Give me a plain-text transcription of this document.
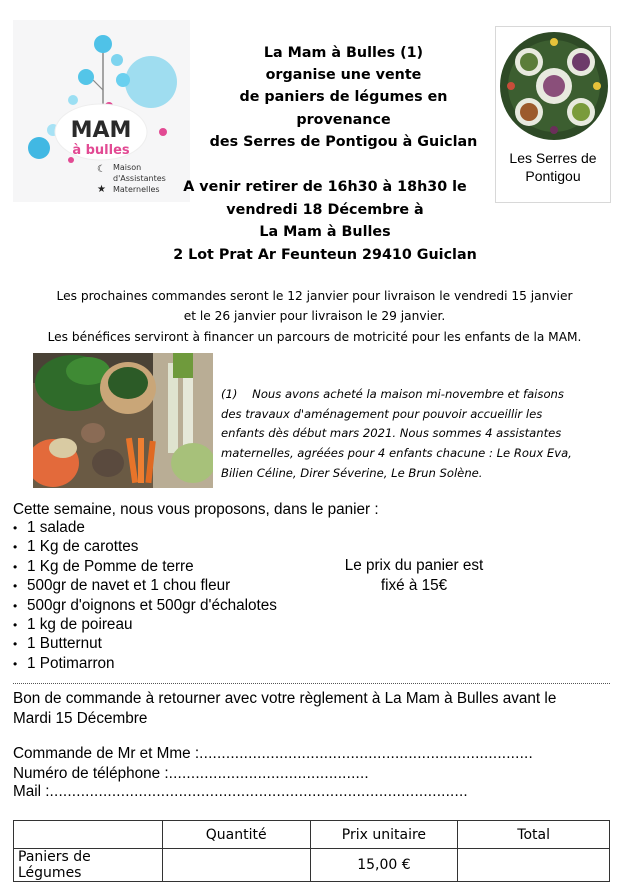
MAM
à bulles
Maison
d'Assistantes
Maternelles
☾
★
La Mam à Bulles (1)
organise une vente
de paniers de légumes en
provenance
des Serres de Pontigou à Guiclan
A venir retirer de 16h30 à 18h30 le
vendredi 18 Décembre à
La Mam à Bulles
2 Lot Prat Ar Feunteun 29410 Guiclan
Les Serres de
Pontigou
Les prochaines commandes seront le 12 janvier pour livraison le vendredi 15 janvier
et le 26 janvier pour livraison le 29 janvier.
Les bénéfices serviront à financer un parcours de motricité pour les enfants de la MAM.
(1)    Nous avons acheté la maison mi-novembre et faisons
des travaux d'aménagement pour pouvoir accueillir les
enfants dès début mars 2021. Nous sommes 4 assistantes
maternelles, agréées pour 4 enfants chacune : Le Roux Eva,
Bilien Céline, Direr Séverine, Le Brun Solène.
Cette semaine, nous vous proposons, dans le panier :
• 1 salade
• 1 Kg de carottes
• 1 Kg de Pomme de terre
• 500gr de navet et 1 chou fleur
• 500gr d'oignons et 500gr d'échalotes
• 1 kg de poireau
• 1 Butternut
• 1 Potimarron
Le prix du panier est
fixé à 15€
Bon de commande à retourner avec votre règlement à La Mam à Bulles avant le
Mardi 15 Décembre
Commande de Mr et Mme :...........................................................................
Numéro de téléphone :.............................................
Mail :..............................................................................................
	Quantité	Prix unitaire	Total
Paniers de Légumes		15,00 €	
